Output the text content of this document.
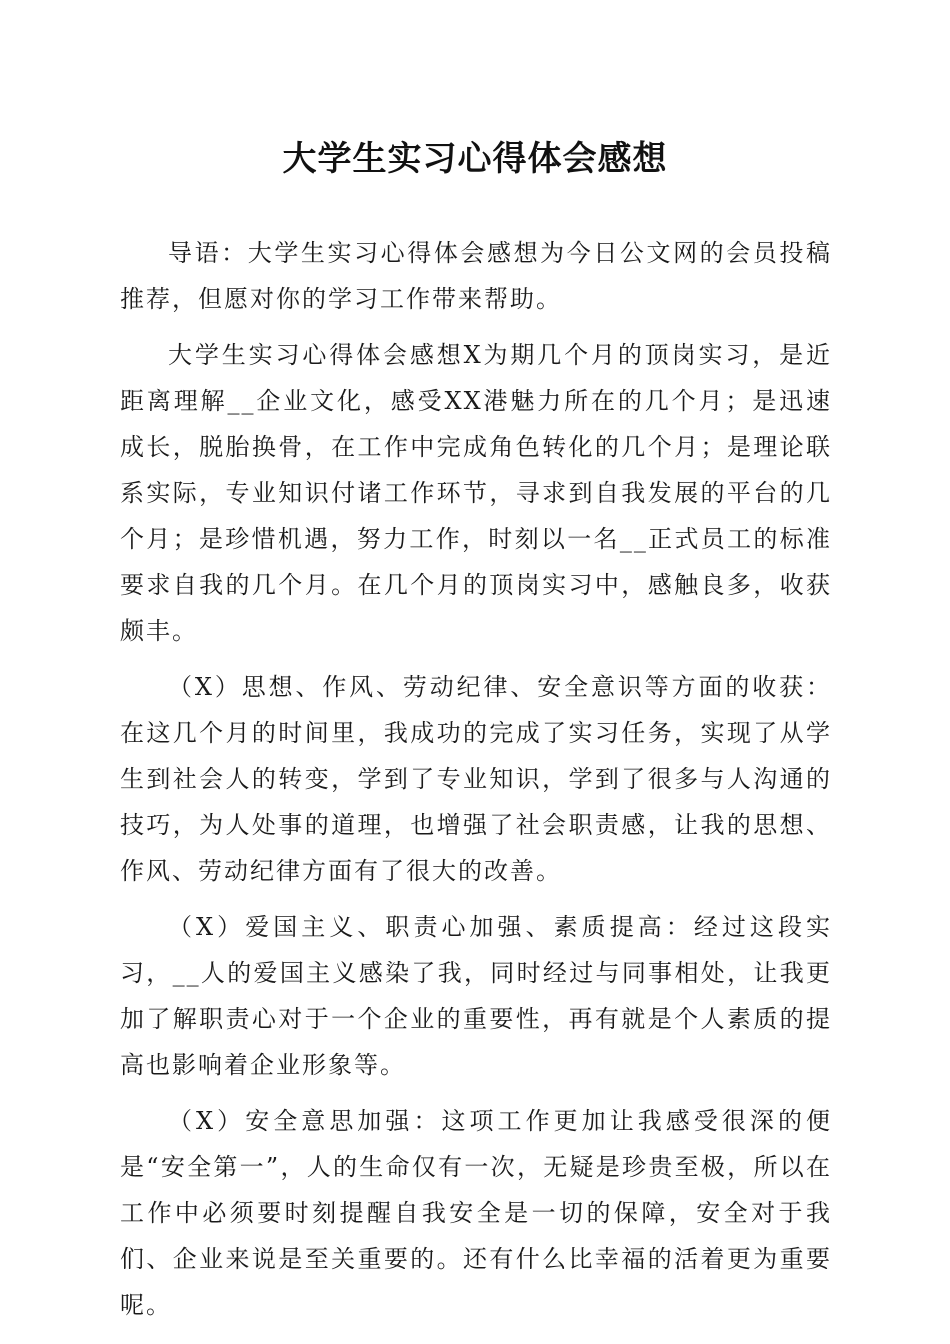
大学生实习心得体会感想

导语：大学生实习心得体会感想为今日公文网的会员投稿推荐，但愿对你的学习工作带来帮助。

大学生实习心得体会感想X为期几个月的顶岗实习，是近距离理解__企业文化，感受XX港魅力所在的几个月；是迅速成长，脱胎换骨，在工作中完成角色转化的几个月；是理论联系实际，专业知识付诸工作环节，寻求到自我发展的平台的几个月；是珍惜机遇，努力工作，时刻以一名__正式员工的标准要求自我的几个月。在几个月的顶岗实习中，感触良多，收获颇丰。

（X）思想、作风、劳动纪律、安全意识等方面的收获：在这几个月的时间里，我成功的完成了实习任务，实现了从学生到社会人的转变，学到了专业知识，学到了很多与人沟通的技巧，为人处事的道理，也增强了社会职责感，让我的思想、作风、劳动纪律方面有了很大的改善。

（X）爱国主义、职责心加强、素质提高：经过这段实习，__人的爱国主义感染了我，同时经过与同事相处，让我更加了解职责心对于一个企业的重要性，再有就是个人素质的提高也影响着企业形象等。

（X）安全意思加强：这项工作更加让我感受很深的便是“安全第一”，人的生命仅有一次，无疑是珍贵至极，所以在工作中必须要时刻提醒自我安全是一切的保障，安全对于我们、企业来说是至关重要的。还有什么比幸福的活着更为重要呢。
